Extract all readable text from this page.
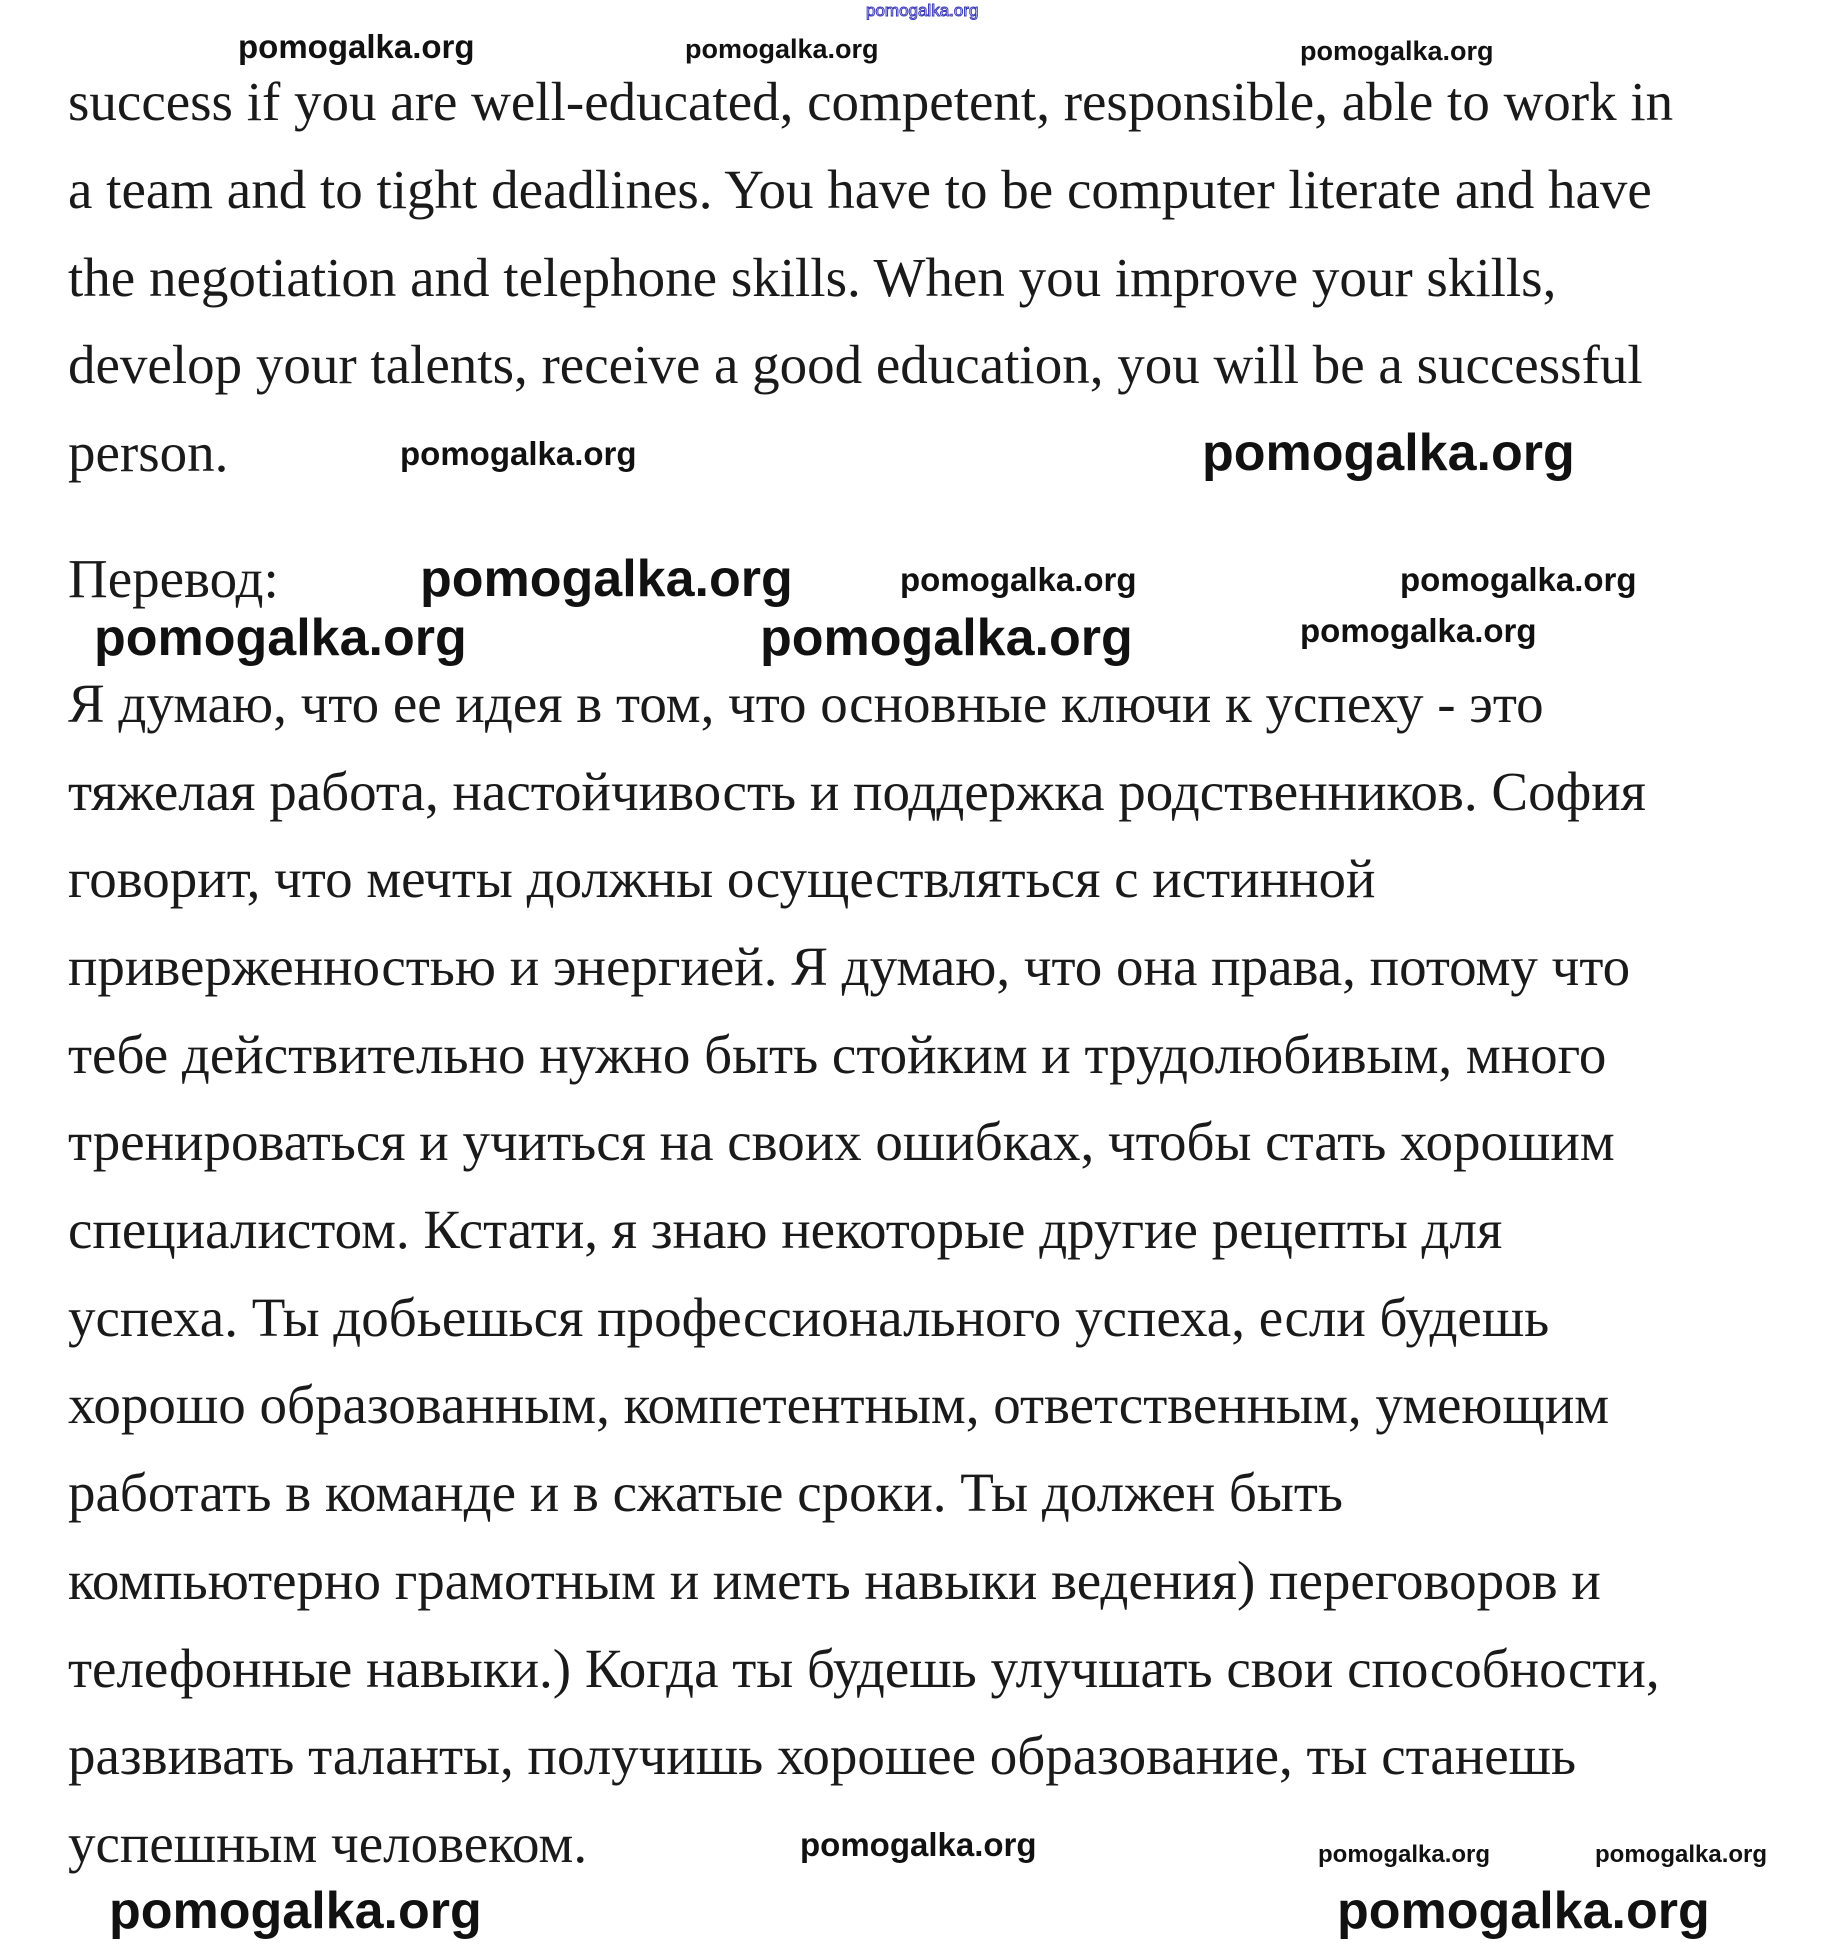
pomogalka.org
success if you are well-educated, competent, responsible, able to work in
a team and to tight deadlines. You have to be computer literate and have
the negotiation and telephone skills. When you improve your skills,
develop your talents, receive a good education, you will be a successful
person.
Перевод:
Я думаю, что ее идея в том, что основные ключи к успеху - это
тяжелая работа, настойчивость и поддержка родственников. София
говорит, что мечты должны осуществляться с истинной
приверженностью и энергией. Я думаю, что она права, потому что
тебе действительно нужно быть стойким и трудолюбивым, много
тренироваться и учиться на своих ошибках, чтобы стать хорошим
специалистом. Кстати, я знаю некоторые другие рецепты для
успеха. Ты добьешься профессионального успеха, если будешь
хорошо образованным, компетентным, ответственным, умеющим
работать в команде и в сжатые сроки. Ты должен быть
компьютерно грамотным и иметь навыки ведения) переговоров и
телефонные навыки.) Когда ты будешь улучшать свои способности,
развивать таланты, получишь хорошее образование, ты станешь
успешным человеком.
pomogalka.org
pomogalka.org	pomogalka.org
pomogalka.org
pomogalka.org	pomogalka.org
pomogalka.org
pomogalka.org
pomogalka.org
pomogalka.org
pomogalka.org
pomogalka.org	pomogalka.org
pomogalka.org	pomogalka.org	pomogalka.org
